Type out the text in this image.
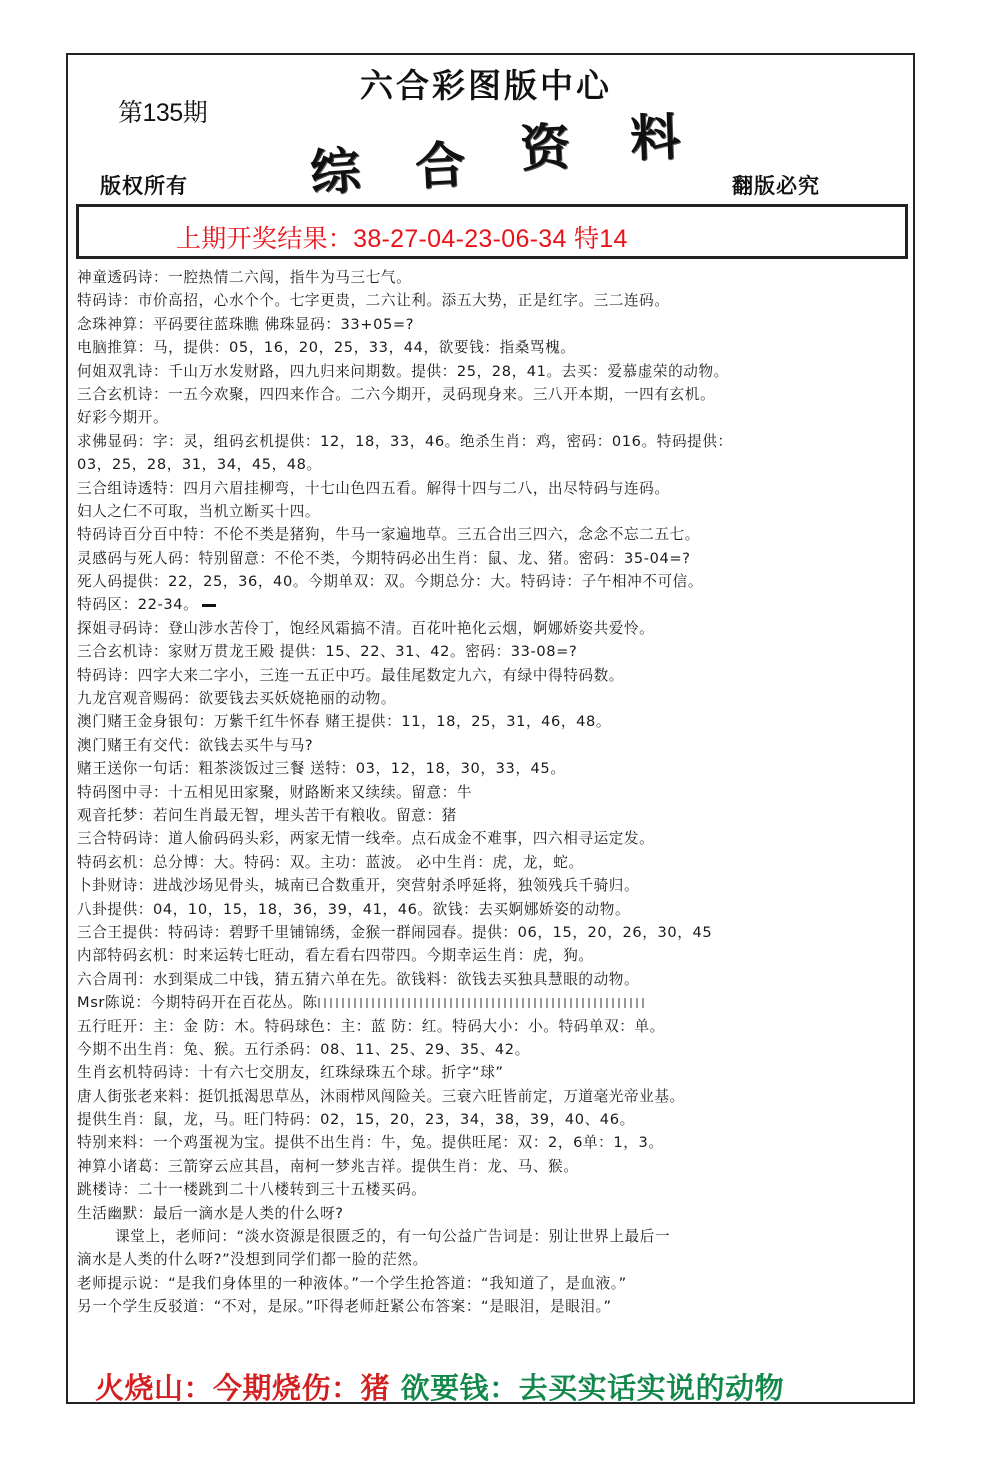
第135期
六合彩图版中心
综 合 资 料
版权所有	翻版必究
上期开奖结果：38-27-04-23-06-34 特14
神童透码诗：一腔热情二六闯，指牛为马三七气。
特码诗：市价高招，心水个个。七字更贵，二六让利。添五大势，正是红字。三二连码。
念珠神算：平码要往蓝珠瞧 佛珠显码：33+05=?
电脑推算：马，提供：05，16，20，25，33，44，欲要钱：指桑骂槐。
何姐双乳诗：千山万水发财路，四九归来问期数。提供：25，28，41。去买：爱慕虚荣的动物。
三合玄机诗：一五今欢聚，四四来作合。二六今期开，灵码现身来。三八开本期，一四有玄机。
好彩今期开。
求佛显码：字：灵，组码玄机提供：12，18，33，46。绝杀生肖：鸡，密码：016。特码提供：
03，25，28，31，34，45，48。
三合组诗透特：四月六眉挂柳弯，十七山色四五看。解得十四与二八，出尽特码与连码。
妇人之仁不可取，当机立断买十四。
特码诗百分百中特：不伦不类是猪狗，牛马一家遍地草。三五合出三四六，念念不忘二五七。
灵感码与死人码：特别留意：不伦不类，今期特码必出生肖：鼠、龙、猪。密码：35-04=?
死人码提供：22，25，36，40。今期单双：双。今期总分：大。特码诗：子午相冲不可信。
特码区：22-34。
探姐寻码诗：登山涉水苦伶丁，饱经风霜搞不清。百花叶艳化云烟，婀娜娇姿共爱怜。
三合玄机诗：家财万贯龙王殿 提供：15、22、31、42。密码：33-08=?
特码诗：四字大来二字小，三连一五正中巧。最佳尾数定九六，有绿中得特码数。
九龙宫观音赐码：欲要钱去买妖娆艳丽的动物。
澳门赌王金身银句：万紫千红牛怀春 赌王提供：11，18，25，31，46，48。
澳门赌王有交代：欲钱去买牛与马?
赌王送你一句话：粗茶淡饭过三餐 送特：03，12，18，30，33，45。
特码图中寻：十五相见田家聚，财路断来又续续。留意：牛
观音托梦：若问生肖最无智，埋头苦干有粮收。留意：猪
三合特码诗：道人偷码码头彩，两家无情一线牵。点石成金不难事，四六相寻运定发。
特码玄机：总分博：大。特码：双。主功：蓝波。 必中生肖：虎，龙，蛇。
卜卦财诗：进战沙场见骨头，城南已合数重开，突营射杀呼延将，独领残兵千骑归。
八卦提供：04，10，15，18，36，39，41，46。欲钱：去买婀娜娇姿的动物。
三合王提供：特码诗：碧野千里铺锦绣，金猴一群闹园春。提供：06，15，20，26，30，45
内部特码玄机：时来运转七旺动，看左看右四带四。今期幸运生肖：虎，狗。
六合周刊：水到渠成二中钱，猜五猜六单在先。欲钱料：欲钱去买独具慧眼的动物。
Msr陈说：今期特码开在百花丛。陈
五行旺开：主：金 防：木。特码球色：主：蓝 防：红。特码大小：小。特码单双：单。
今期不出生肖：兔、猴。五行杀码：08、11、25、29、35、42。
生肖玄机特码诗：十有六七交朋友，红珠绿珠五个球。折字“球”
唐人街张老来料：挺饥抵渴思草丛，沐雨栉风闯险关。三衰六旺皆前定，万道毫光帝业基。
提供生肖：鼠，龙，马。旺门特码：02，15，20，23，34，38，39，40、46。
特别来料：一个鸡蛋视为宝。提供不出生肖：牛，兔。提供旺尾：双：2，6单：1，3。
神算小诸葛：三箭穿云应其昌，南柯一梦兆吉祥。提供生肖：龙、马、猴。
跳楼诗：二十一楼跳到二十八楼转到三十五楼买码。
生活幽默：最后一滴水是人类的什么呀?
课堂上，老师问：“淡水资源是很匮乏的，有一句公益广告词是：别让世界上最后一
滴水是人类的什么呀?”没想到同学们都一脸的茫然。
老师提示说：“是我们身体里的一种液体。”一个学生抢答道：“我知道了，是血液。”
另一个学生反驳道：“不对，是尿。”吓得老师赶紧公布答案：“是眼泪，是眼泪。”
火烧山：今期烧伤：猪 欲要钱：去买实话实说的动物
